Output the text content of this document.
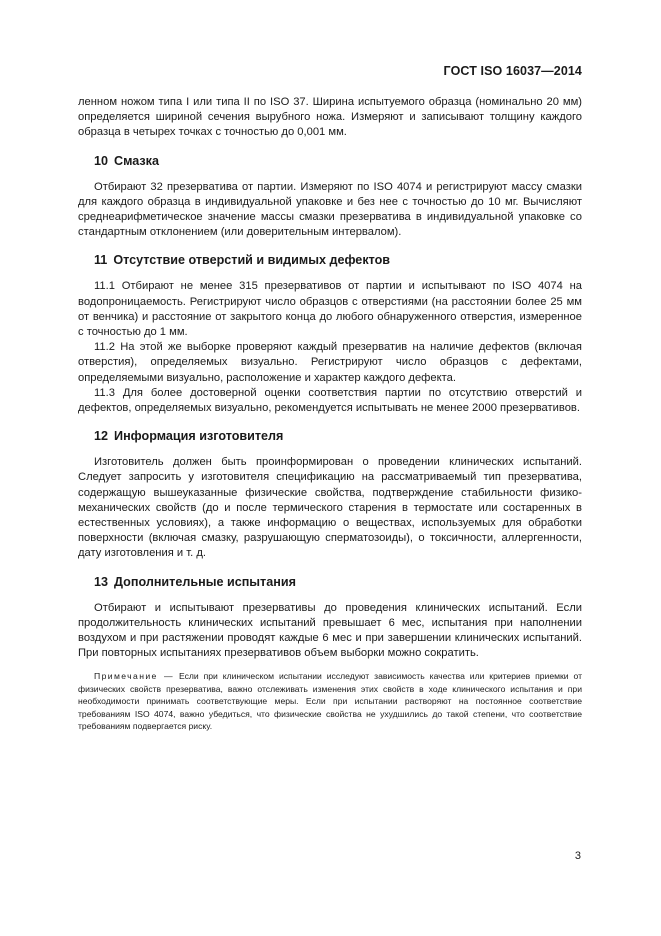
ГОСТ ISO 16037—2014

ленном ножом типа I или типа II по ISO 37. Ширина испытуемого образца (номинально 20 мм) определяется шириной сечения вырубного ножа. Измеряют и записывают толщину каждого образца в четырех точках с точностью до 0,001 мм.

10 Смазка

Отбирают 32 презерватива от партии. Измеряют по ISO 4074 и регистрируют массу смазки для каждого образца в индивидуальной упаковке и без нее с точностью до 10 мг. Вычисляют среднеарифметическое значение массы смазки презерватива в индивидуальной упаковке со стандартным отклонением (или доверительным интервалом).

11 Отсутствие отверстий и видимых дефектов

11.1 Отбирают не менее 315 презервативов от партии и испытывают по ISO 4074 на водопроницаемость. Регистрируют число образцов с отверстиями (на расстоянии более 25 мм от венчика) и расстояние от закрытого конца до любого обнаруженного отверстия, измеренное с точностью до 1 мм.

11.2 На этой же выборке проверяют каждый презерватив на наличие дефектов (включая отверстия), определяемых визуально. Регистрируют число образцов с дефектами, определяемыми визуально, расположение и характер каждого дефекта.

11.3 Для более достоверной оценки соответствия партии по отсутствию отверстий и дефектов, определяемых визуально, рекомендуется испытывать не менее 2000 презервативов.

12 Информация изготовителя

Изготовитель должен быть проинформирован о проведении клинических испытаний. Следует запросить у изготовителя спецификацию на рассматриваемый тип презерватива, содержащую вышеуказанные физические свойства, подтверждение стабильности физико-механических свойств (до и после термического старения в термостате или состаренных в естественных условиях), а также информацию о веществах, используемых для обработки поверхности (включая смазку, разрушающую сперматозоиды), о токсичности, аллергенности, дату изготовления и т. д.

13 Дополнительные испытания

Отбирают и испытывают презервативы до проведения клинических испытаний. Если продолжительность клинических испытаний превышает 6 мес, испытания при наполнении воздухом и при растяжении проводят каждые 6 мес и при завершении клинических испытаний. При повторных испытаниях презервативов объем выборки можно сократить.

Примечание — Если при клиническом испытании исследуют зависимость качества или критериев приемки от физических свойств презерватива, важно отслеживать изменения этих свойств в ходе клинического испытания и при необходимости принимать соответствующие меры. Если при испытании растворяют на постоянное соответствие требованиям ISO 4074, важно убедиться, что физические свойства не ухудшились до такой степени, что соответствие требованиям подвергается риску.

3
